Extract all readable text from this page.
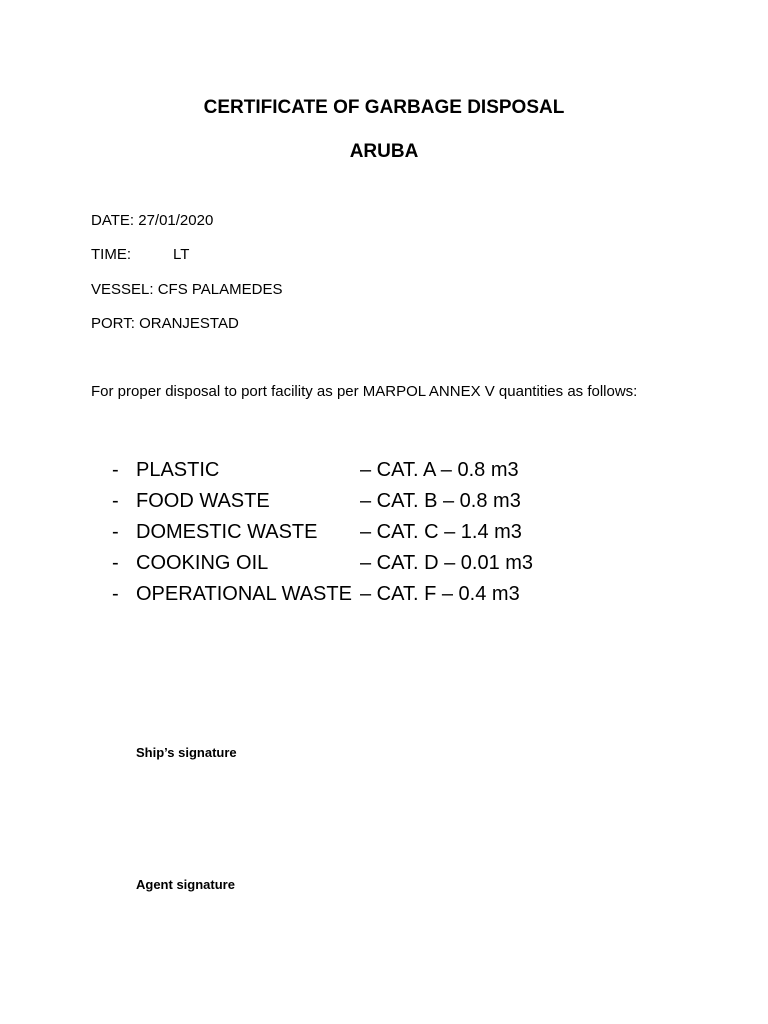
CERTIFICATE OF GARBAGE DISPOSAL
ARUBA
DATE: 27/01/2020
TIME:	LT
VESSEL: CFS PALAMEDES
PORT: ORANJESTAD
For proper disposal to port facility as per MARPOL ANNEX V quantities as follows:
- PLASTIC	– CAT. A – 0.8 m3
- FOOD WASTE	– CAT. B – 0.8 m3
- DOMESTIC WASTE – CAT. C – 1.4 m3
- COOKING OIL	– CAT. D – 0.01 m3
- OPERATIONAL WASTE – CAT. F – 0.4 m3
Ship’s signature
Agent signature
